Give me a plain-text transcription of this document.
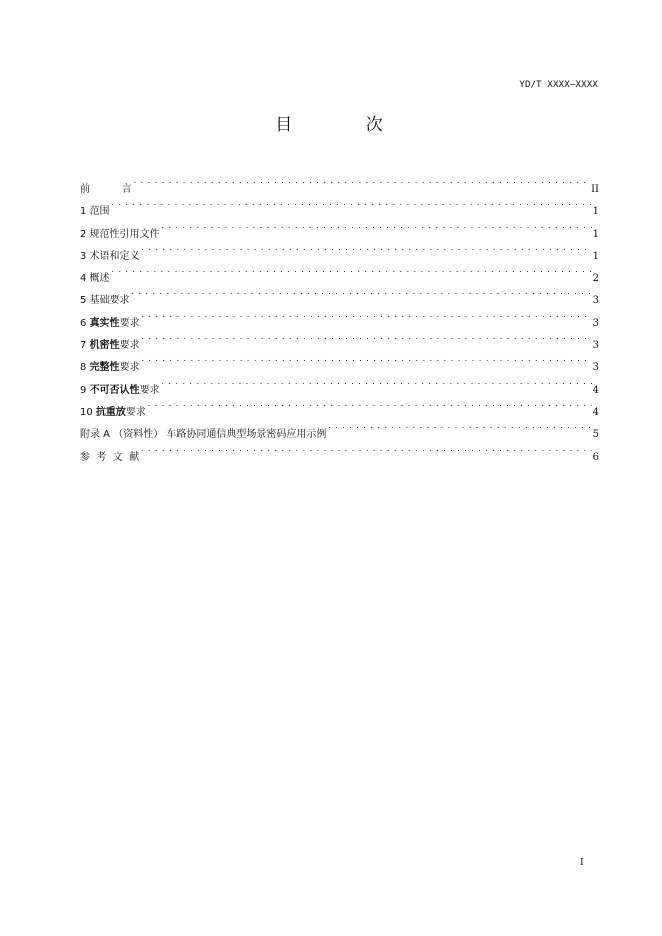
YD/T XXXX—XXXX
目 次
前          言 . . .	II
1 范围 . . .	1
2 规范性引用文件 . . .	1
3 术语和定义 . . .	1
4 概述 . . .	2
5 基础要求 . . .	3
6 真实性要求 . . .	3
7 机密性要求 . . .	3
8 完整性要求 . . .	3
9 不可否认性要求 . . .	4
10 抗重放要求 . . .	4
附录 A （资料性） 车路协同通信典型场景密码应用示例 . . .	5
参  考  文  献 . . .	6
I
